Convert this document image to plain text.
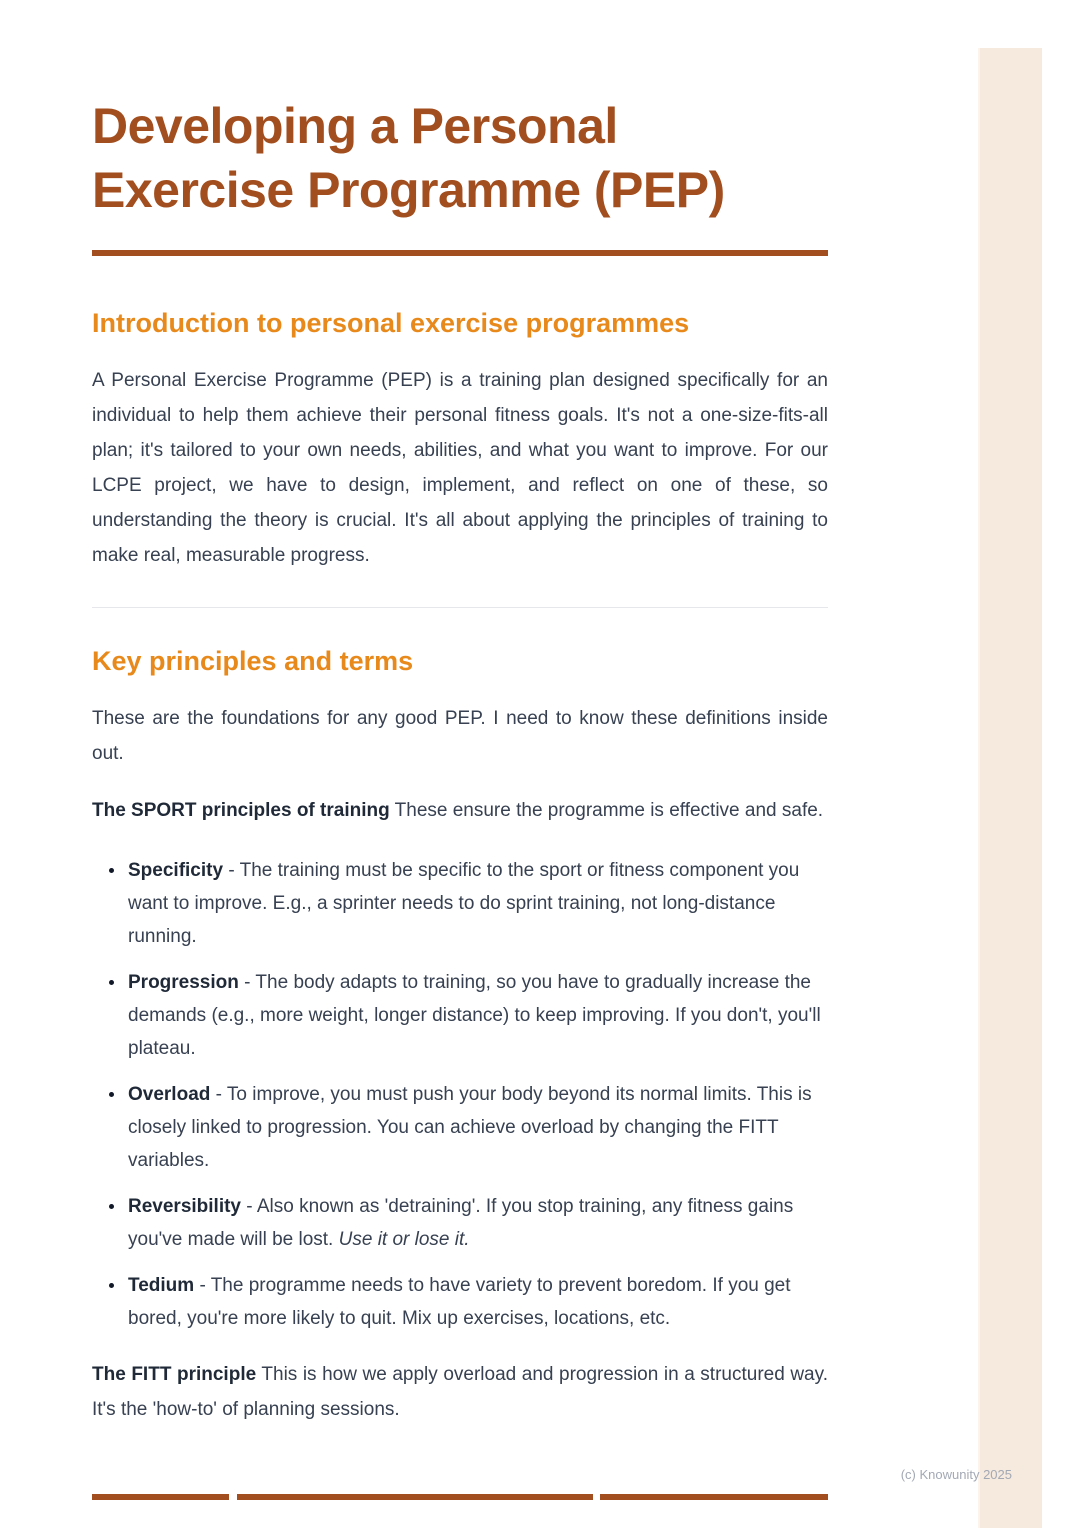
Developing a Personal Exercise Programme (PEP)
Introduction to personal exercise programmes

A Personal Exercise Programme (PEP) is a training plan designed specifically for an individual to help them achieve their personal fitness goals. It's not a one-size-fits-all plan; it's tailored to your own needs, abilities, and what you want to improve. For our LCPE project, we have to design, implement, and reflect on one of these, so understanding the theory is crucial. It's all about applying the principles of training to make real, measurable progress.

Key principles and terms

These are the foundations for any good PEP. I need to know these definitions inside out.

The SPORT principles of training These ensure the programme is effective and safe.

• Specificity - The training must be specific to the sport or fitness component you want to improve. E.g., a sprinter needs to do sprint training, not long-distance running.
• Progression - The body adapts to training, so you have to gradually increase the demands (e.g., more weight, longer distance) to keep improving. If you don't, you'll plateau.
• Overload - To improve, you must push your body beyond its normal limits. This is closely linked to progression. You can achieve overload by changing the FITT variables.
• Reversibility - Also known as 'detraining'. If you stop training, any fitness gains you've made will be lost. Use it or lose it.
• Tedium - The programme needs to have variety to prevent boredom. If you get bored, you're more likely to quit. Mix up exercises, locations, etc.

The FITT principle This is how we apply overload and progression in a structured way. It's the 'how-to' of planning sessions.

(c) Knowunity 2025
